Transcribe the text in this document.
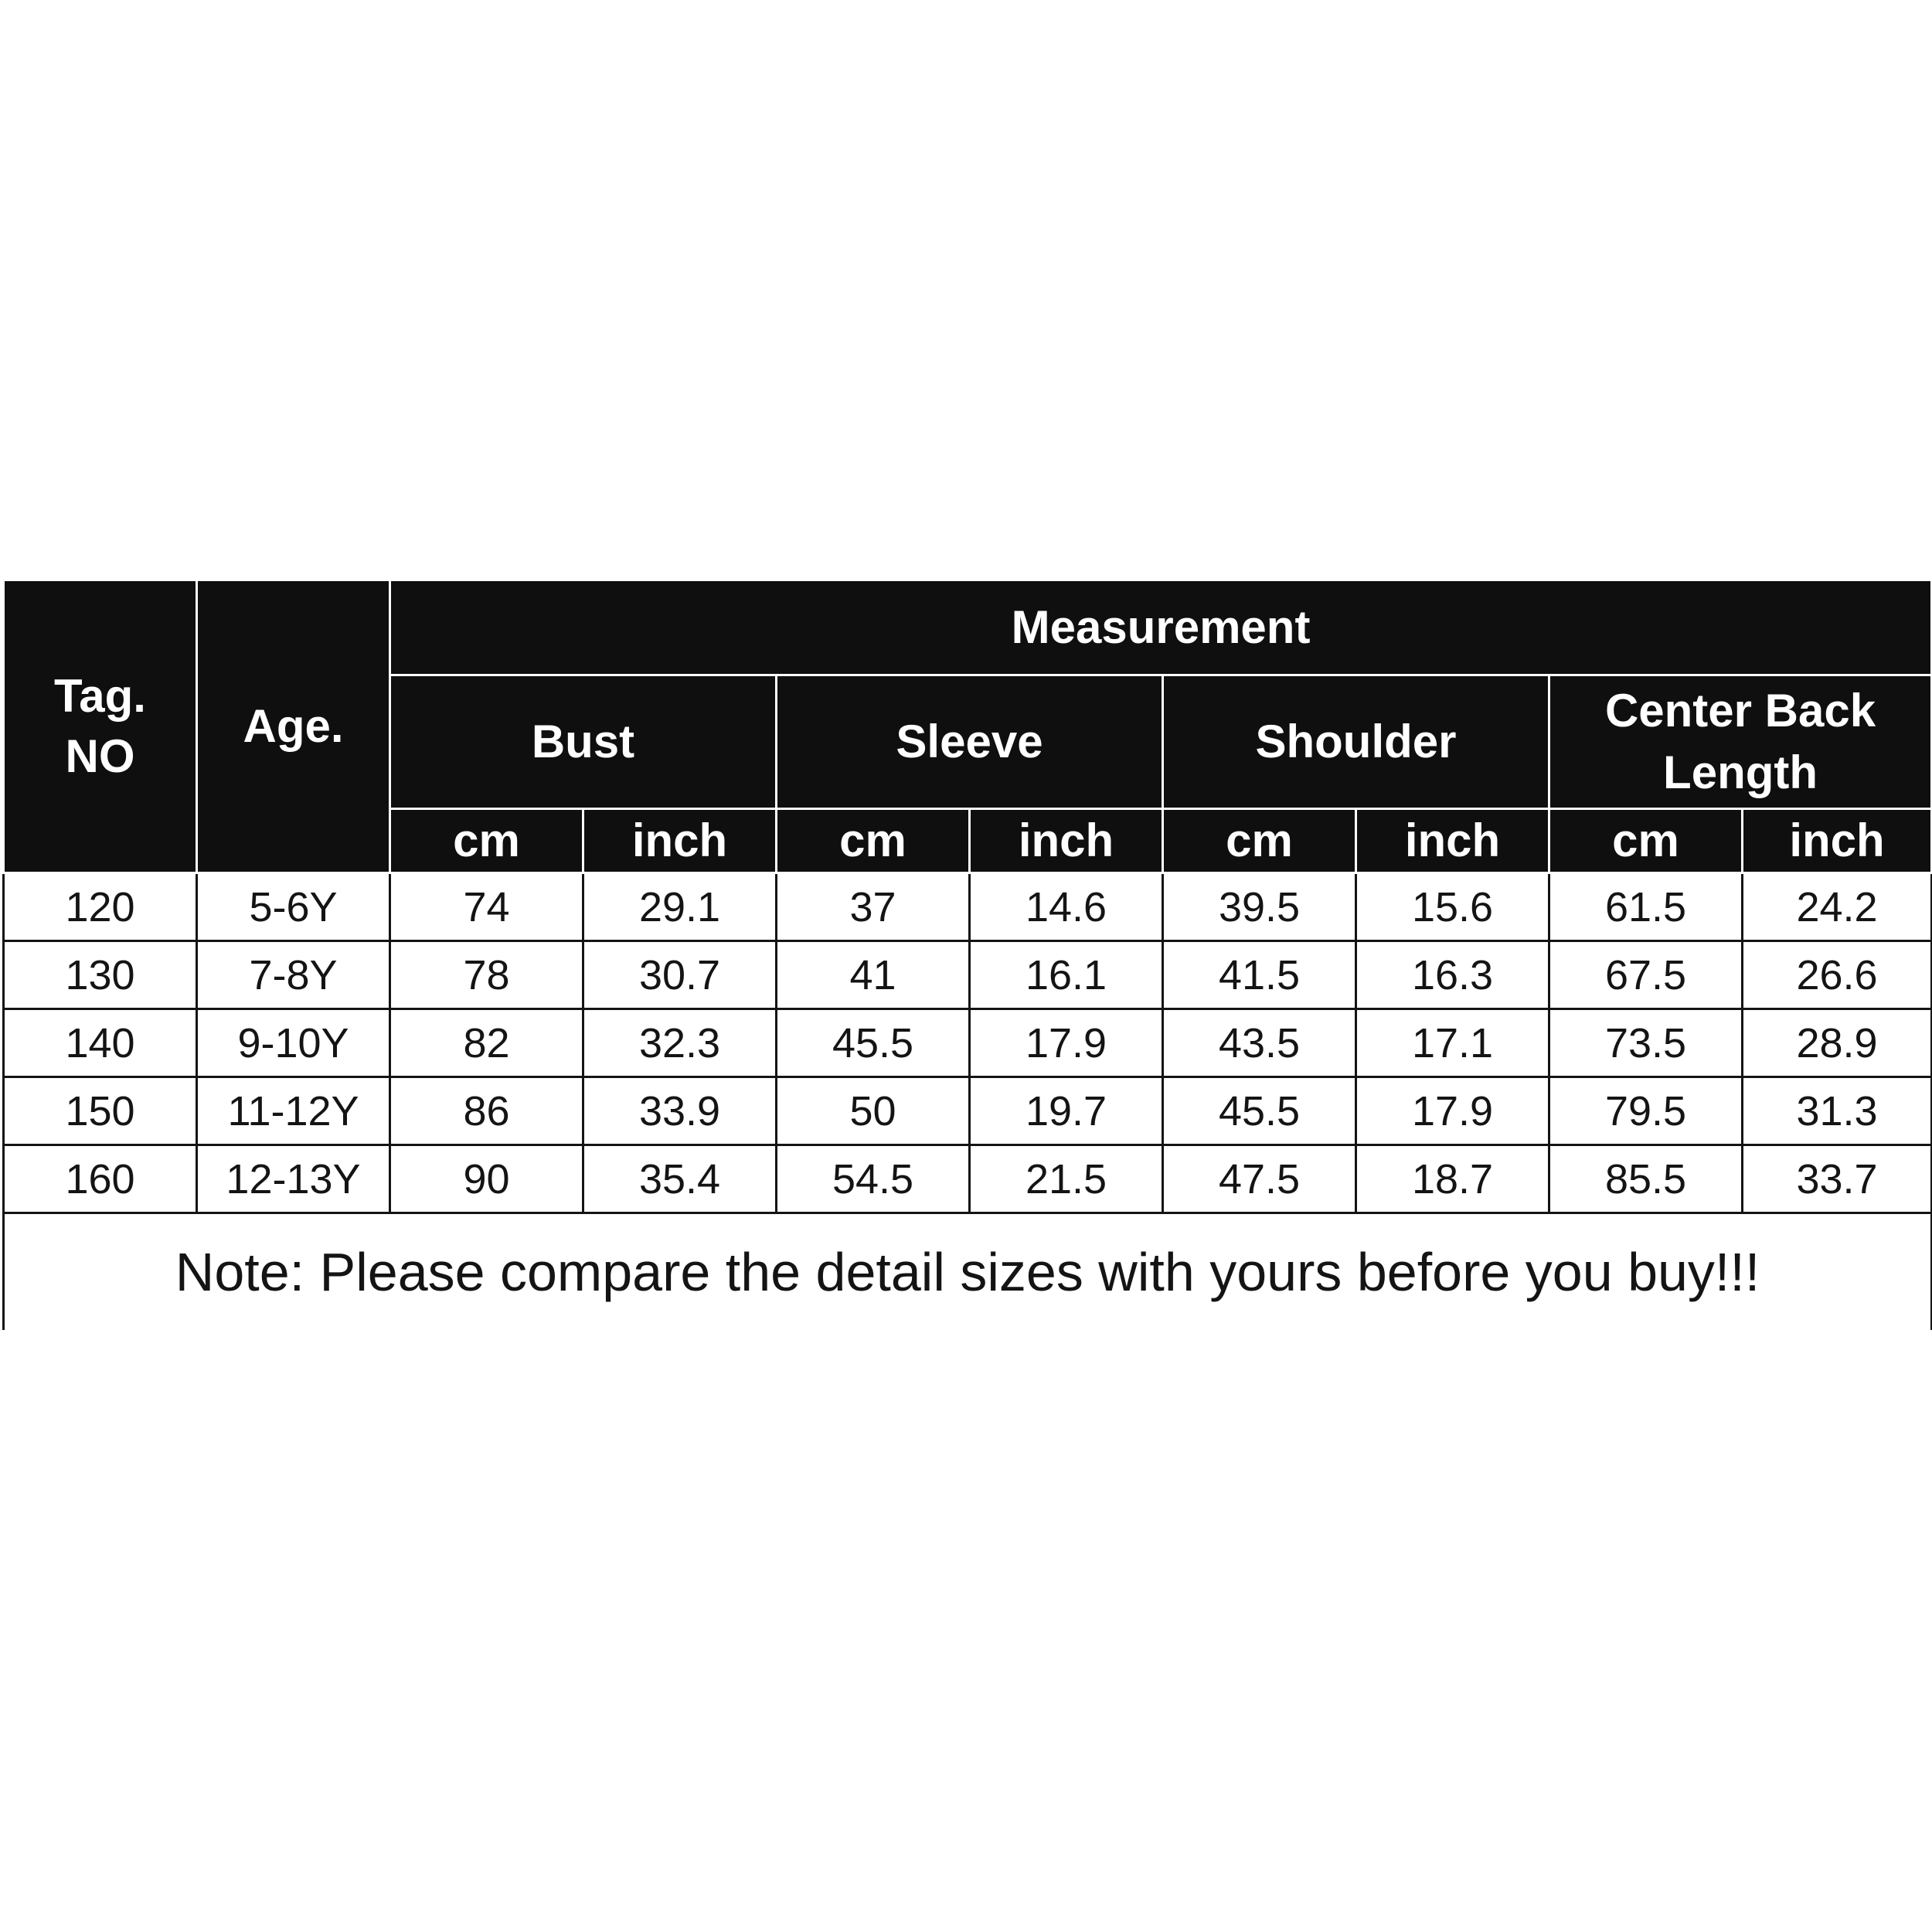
Tag.
NO	Age.	Measurement							
		Bust		Sleeve		Shoulder		Center Back Length	
		cm	inch	cm	inch	cm	inch	cm	inch
120	5-6Y	74	29.1	37	14.6	39.5	15.6	61.5	24.2
130	7-8Y	78	30.7	41	16.1	41.5	16.3	67.5	26.6
140	9-10Y	82	32.3	45.5	17.9	43.5	17.1	73.5	28.9
150	11-12Y	86	33.9	50	19.7	45.5	17.9	79.5	31.3
160	12-13Y	90	35.4	54.5	21.5	47.5	18.7	85.5	33.7
Note: Please compare the detail sizes with yours before you buy!!!									
